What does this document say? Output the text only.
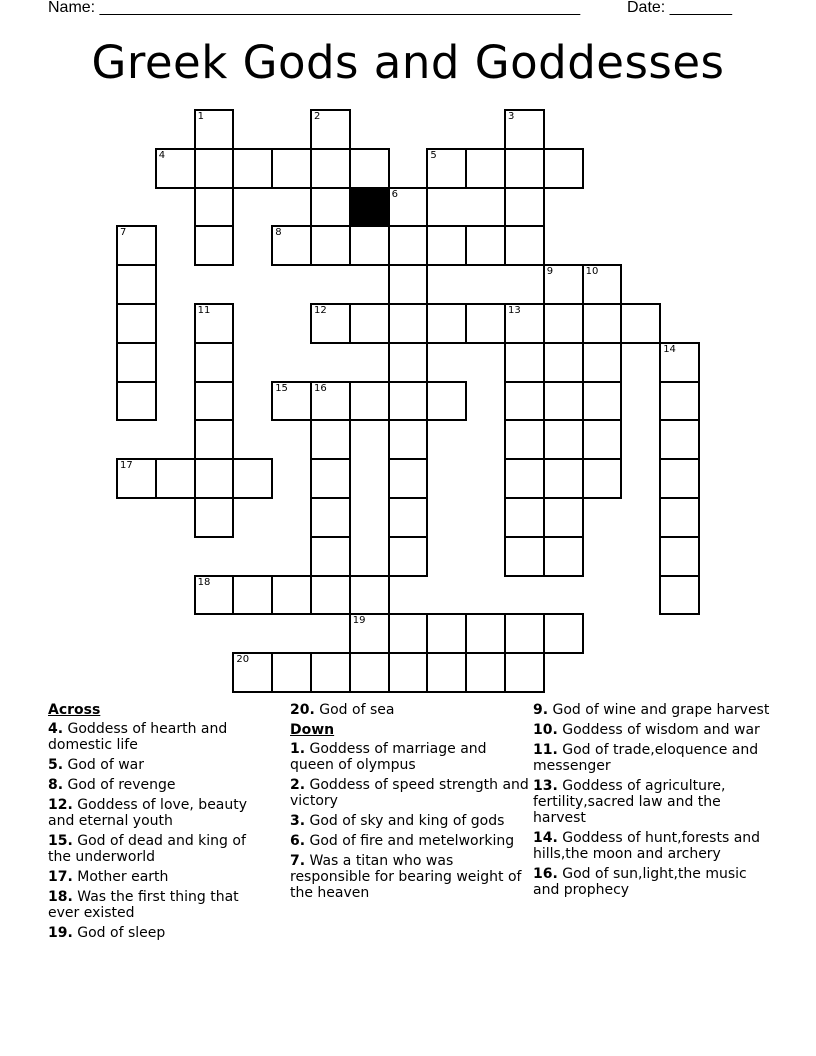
Name: ______________________________________________________	Date: _______
Greek Gods and Goddesses
4	5
8
12	13
15	16
17
18
19
20
1	2	3
6
7
9	10
11
14
Across
4. Goddess of hearth and domestic life
5. God of war
8. God of revenge
12. Goddess of love, beauty and eternal youth
15. God of dead and king of the underworld
17. Mother earth
18. Was the first thing that ever existed
19. God of sleep
20. God of sea
Down
1. Goddess of marriage and queen of olympus
2. Goddess of speed strength and victory
3. God of sky and king of gods
6. God of fire and metelworking
7. Was a titan who was responsible for bearing weight of the heaven
9. God of wine and grape harvest
10. Goddess of wisdom and war
11. God of trade,eloquence and messenger
13. Goddess of agriculture, fertility,sacred law and the harvest
14. Goddess of hunt,forests and hills,the moon and archery
16. God of sun,light,the music and prophecy
